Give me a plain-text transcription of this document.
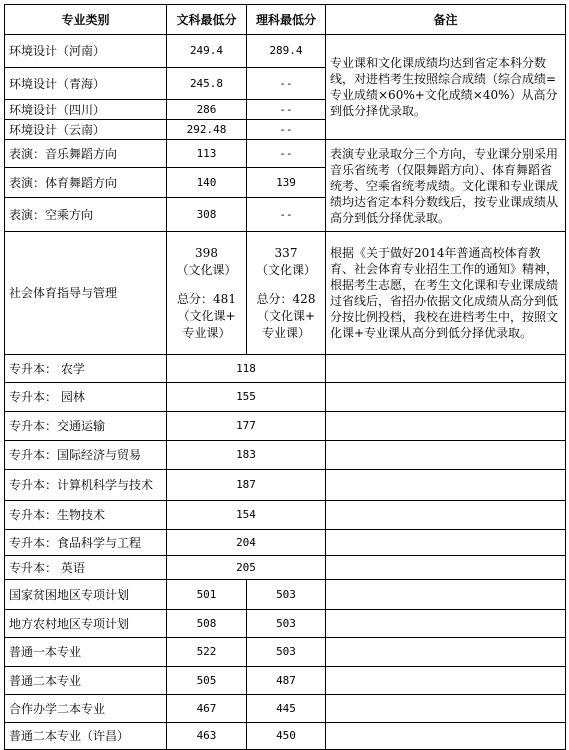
专业类别	文科最低分	理科最低分	备注
环境设计（河南）	249.4	289.4	专业课和文化课成绩均达到省定本科分数线，对进档考生按照综合成绩（综合成绩=专业成绩×60%+文化成绩×40%）从高分到低分择优录取。
环境设计（青海）	245.8	--	
环境设计（四川）	286	--	
环境设计（云南）	292.48	--	
表演：音乐舞蹈方向	113	--	表演专业录取分三个方向，专业课分别采用音乐省统考（仅限舞蹈方向）、体育舞蹈省统考、空乘省统考成绩。文化课和专业课成绩均达省定本科分数线后，按专业课成绩从高分到低分择优录取。
表演：体育舞蹈方向	140	139	
表演：空乘方向	308	--	
社会体育指导与管理	398
（文化课）
总分：481
（文化课+
专业课）	337
（文化课）
总分：428
（文化课+
专业课）	根据《关于做好2014年普通高校体育教育、社会体育专业招生工作的通知》精神，根据考生志愿，在考生文化课和专业课成绩过省线后，省招办依据文化成绩从高分到低分按比例投档，我校在进档考生中，按照文化课+专业课从高分到低分择优录取。
专升本： 农学	118		
专升本： 园林	155		
专升本：交通运输	177		
专升本：国际经济与贸易	183		
专升本：计算机科学与技术	187		
专升本：生物技术	154		
专升本：食品科学与工程	204		
专升本： 英语	205		
国家贫困地区专项计划	501	503	
地方农村地区专项计划	508	503	
普通一本专业	522	503	
普通二本专业	505	487	
合作办学二本专业	467	445	
普通二本专业（许昌）	463	450	
